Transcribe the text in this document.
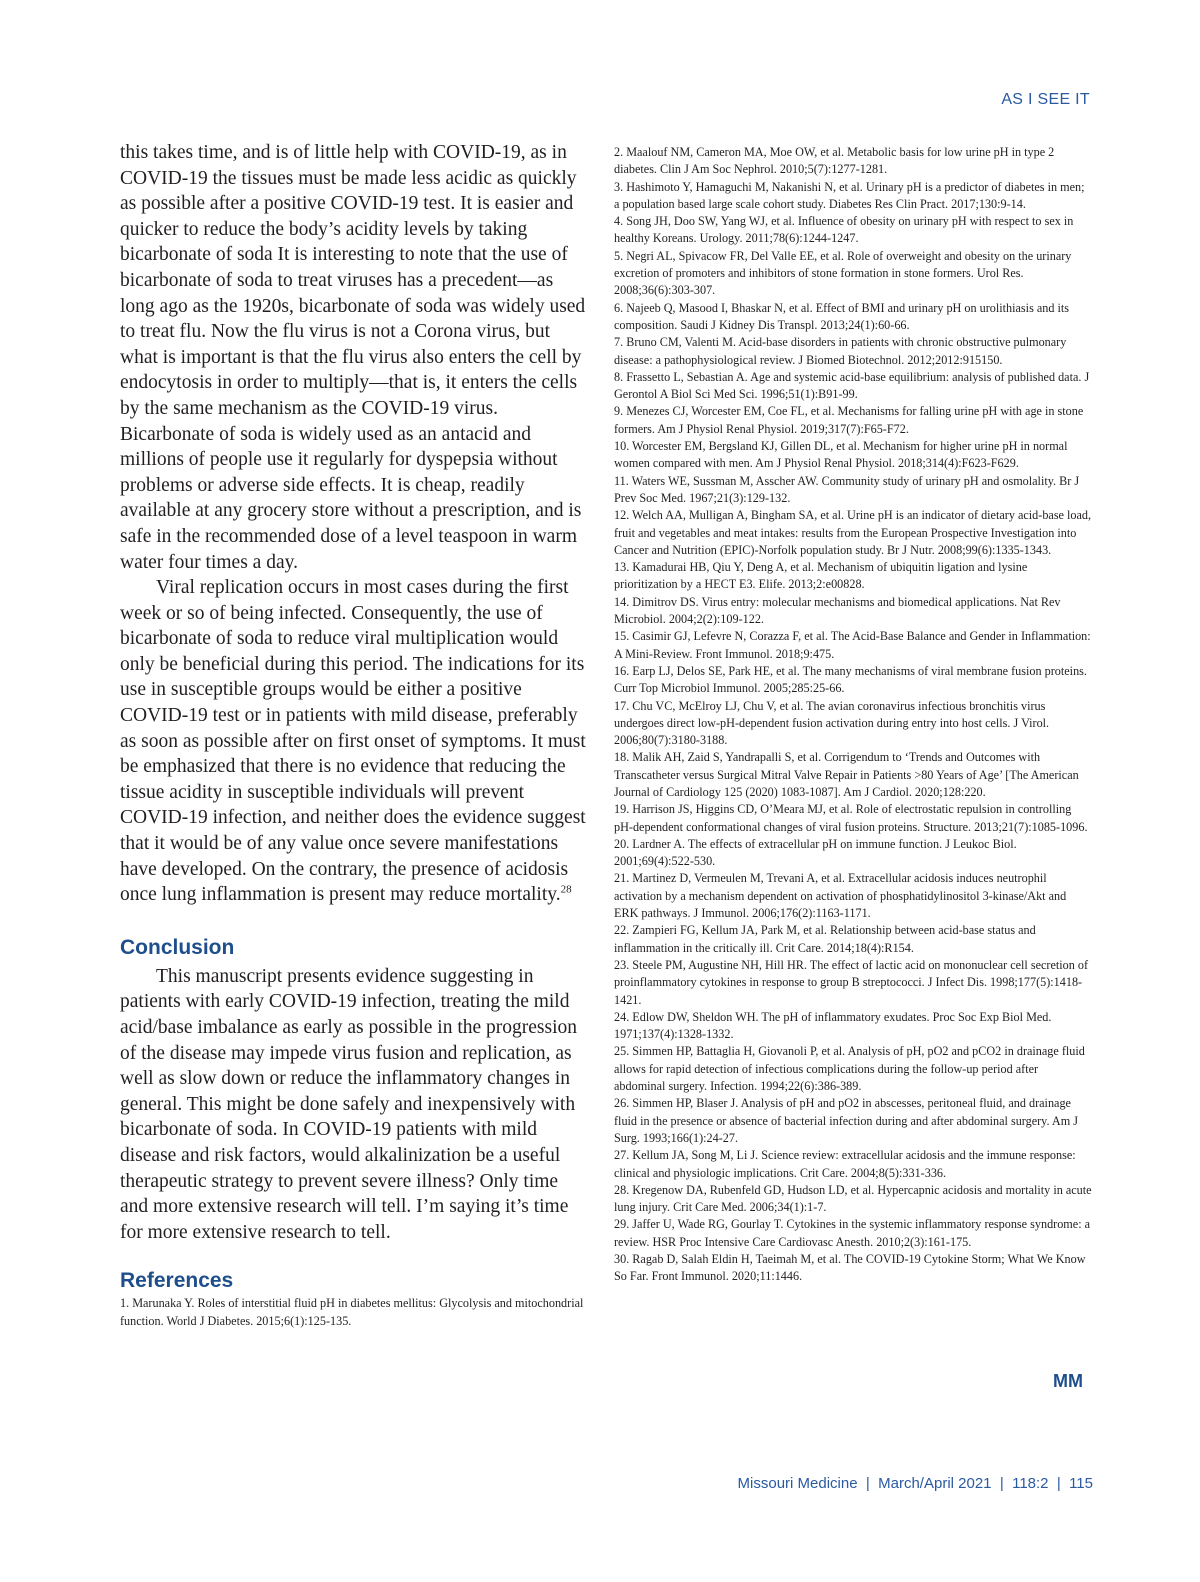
AS I SEE IT

this takes time, and is of little help with COVID-19, as in COVID-19 the tissues must be made less acidic as quickly as possible after a positive COVID-19 test. It is easier and quicker to reduce the body’s acidity levels by taking bicarbonate of soda It is interesting to note that the use of bicarbonate of soda to treat viruses has a precedent—as long ago as the 1920s, bicarbonate of soda was widely used to treat flu. Now the flu virus is not a Corona virus, but what is important is that the flu virus also enters the cell by endocytosis in order to multiply—that is, it enters the cells by the same mechanism as the COVID-19 virus. Bicarbonate of soda is widely used as an antacid and millions of people use it regularly for dyspepsia without problems or adverse side effects. It is cheap, readily available at any grocery store without a prescription, and is safe in the recommended dose of a level teaspoon in warm water four times a day.

Viral replication occurs in most cases during the first week or so of being infected. Consequently, the use of bicarbonate of soda to reduce viral multiplication would only be beneficial during this period. The indications for its use in susceptible groups would be either a positive COVID-19 test or in patients with mild disease, preferably as soon as possible after on first onset of symptoms. It must be emphasized that there is no evidence that reducing the tissue acidity in susceptible individuals will prevent COVID-19 infection, and neither does the evidence suggest that it would be of any value once severe manifestations have developed. On the contrary, the presence of acidosis once lung inflammation is present may reduce mortality.$^{28}$

Conclusion

This manuscript presents evidence suggesting in patients with early COVID-19 infection, treating the mild acid/base imbalance as early as possible in the progression of the disease may impede virus fusion and replication, as well as slow down or reduce the inflammatory changes in general. This might be done safely and inexpensively with bicarbonate of soda. In COVID-19 patients with mild disease and risk factors, would alkalinization be a useful therapeutic strategy to prevent severe illness? Only time and more extensive research will tell. I’m saying it’s time for more extensive research to tell.

References

1. Marunaka Y. Roles of interstitial fluid pH in diabetes mellitus: Glycolysis and mitochondrial function. World J Diabetes. 2015;6(1):125-135.

2. Maalouf NM, Cameron MA, Moe OW, et al. Metabolic basis for low urine pH in type 2 diabetes. Clin J Am Soc Nephrol. 2010;5(7):1277-1281.

3. Hashimoto Y, Hamaguchi M, Nakanishi N, et al. Urinary pH is a predictor of diabetes in men; a population based large scale cohort study. Diabetes Res Clin Pract. 2017;130:9-14.

4. Song JH, Doo SW, Yang WJ, et al. Influence of obesity on urinary pH with respect to sex in healthy Koreans. Urology. 2011;78(6):1244-1247.

5. Negri AL, Spivacow FR, Del Valle EE, et al. Role of overweight and obesity on the urinary excretion of promoters and inhibitors of stone formation in stone formers. Urol Res. 2008;36(6):303-307.

6. Najeeb Q, Masood I, Bhaskar N, et al. Effect of BMI and urinary pH on urolithiasis and its composition. Saudi J Kidney Dis Transpl. 2013;24(1):60-66.

7. Bruno CM, Valenti M. Acid-base disorders in patients with chronic obstructive pulmonary disease: a pathophysiological review. J Biomed Biotechnol. 2012;2012:915150.

8. Frassetto L, Sebastian A. Age and systemic acid-base equilibrium: analysis of published data. J Gerontol A Biol Sci Med Sci. 1996;51(1):B91-99.

9. Menezes CJ, Worcester EM, Coe FL, et al. Mechanisms for falling urine pH with age in stone formers. Am J Physiol Renal Physiol. 2019;317(7):F65-F72.

10. Worcester EM, Bergsland KJ, Gillen DL, et al. Mechanism for higher urine pH in normal women compared with men. Am J Physiol Renal Physiol. 2018;314(4):F623-F629.

11. Waters WE, Sussman M, Asscher AW. Community study of urinary pH and osmolality. Br J Prev Soc Med. 1967;21(3):129-132.

12. Welch AA, Mulligan A, Bingham SA, et al. Urine pH is an indicator of dietary acid-base load, fruit and vegetables and meat intakes: results from the European Prospective Investigation into Cancer and Nutrition (EPIC)-Norfolk population study. Br J Nutr. 2008;99(6):1335-1343.

13. Kamadurai HB, Qiu Y, Deng A, et al. Mechanism of ubiquitin ligation and lysine prioritization by a HECT E3. Elife. 2013;2:e00828.

14. Dimitrov DS. Virus entry: molecular mechanisms and biomedical applications. Nat Rev Microbiol. 2004;2(2):109-122.

15. Casimir GJ, Lefevre N, Corazza F, et al. The Acid-Base Balance and Gender in Inflammation: A Mini-Review. Front Immunol. 2018;9:475.

16. Earp LJ, Delos SE, Park HE, et al. The many mechanisms of viral membrane fusion proteins. Curr Top Microbiol Immunol. 2005;285:25-66.

17. Chu VC, McElroy LJ, Chu V, et al. The avian coronavirus infectious bronchitis virus undergoes direct low-pH-dependent fusion activation during entry into host cells. J Virol. 2006;80(7):3180-3188.

18. Malik AH, Zaid S, Yandrapalli S, et al. Corrigendum to ‘Trends and Outcomes with Transcatheter versus Surgical Mitral Valve Repair in Patients >80 Years of Age’ [The American Journal of Cardiology 125 (2020) 1083-1087]. Am J Cardiol. 2020;128:220.

19. Harrison JS, Higgins CD, O’Meara MJ, et al. Role of electrostatic repulsion in controlling pH-dependent conformational changes of viral fusion proteins. Structure. 2013;21(7):1085-1096.

20. Lardner A. The effects of extracellular pH on immune function. J Leukoc Biol. 2001;69(4):522-530.

21. Martinez D, Vermeulen M, Trevani A, et al. Extracellular acidosis induces neutrophil activation by a mechanism dependent on activation of phosphatidylinositol 3-kinase/Akt and ERK pathways. J Immunol. 2006;176(2):1163-1171.

22. Zampieri FG, Kellum JA, Park M, et al. Relationship between acid-base status and inflammation in the critically ill. Crit Care. 2014;18(4):R154.

23. Steele PM, Augustine NH, Hill HR. The effect of lactic acid on mononuclear cell secretion of proinflammatory cytokines in response to group B streptococci. J Infect Dis. 1998;177(5):1418-1421.

24. Edlow DW, Sheldon WH. The pH of inflammatory exudates. Proc Soc Exp Biol Med. 1971;137(4):1328-1332.

25. Simmen HP, Battaglia H, Giovanoli P, et al. Analysis of pH, pO2 and pCO2 in drainage fluid allows for rapid detection of infectious complications during the follow-up period after abdominal surgery. Infection. 1994;22(6):386-389.

26. Simmen HP, Blaser J. Analysis of pH and pO2 in abscesses, peritoneal fluid, and drainage fluid in the presence or absence of bacterial infection during and after abdominal surgery. Am J Surg. 1993;166(1):24-27.

27. Kellum JA, Song M, Li J. Science review: extracellular acidosis and the immune response: clinical and physiologic implications. Crit Care. 2004;8(5):331-336.

28. Kregenow DA, Rubenfeld GD, Hudson LD, et al. Hypercapnic acidosis and mortality in acute lung injury. Crit Care Med. 2006;34(1):1-7.

29. Jaffer U, Wade RG, Gourlay T. Cytokines in the systemic inflammatory response syndrome: a review. HSR Proc Intensive Care Cardiovasc Anesth. 2010;2(3):161-175.

30. Ragab D, Salah Eldin H, Taeimah M, et al. The COVID-19 Cytokine Storm; What We Know So Far. Front Immunol. 2020;11:1446.

MM
Missouri Medicine  |  March/April 2021  |  118:2  |  115
